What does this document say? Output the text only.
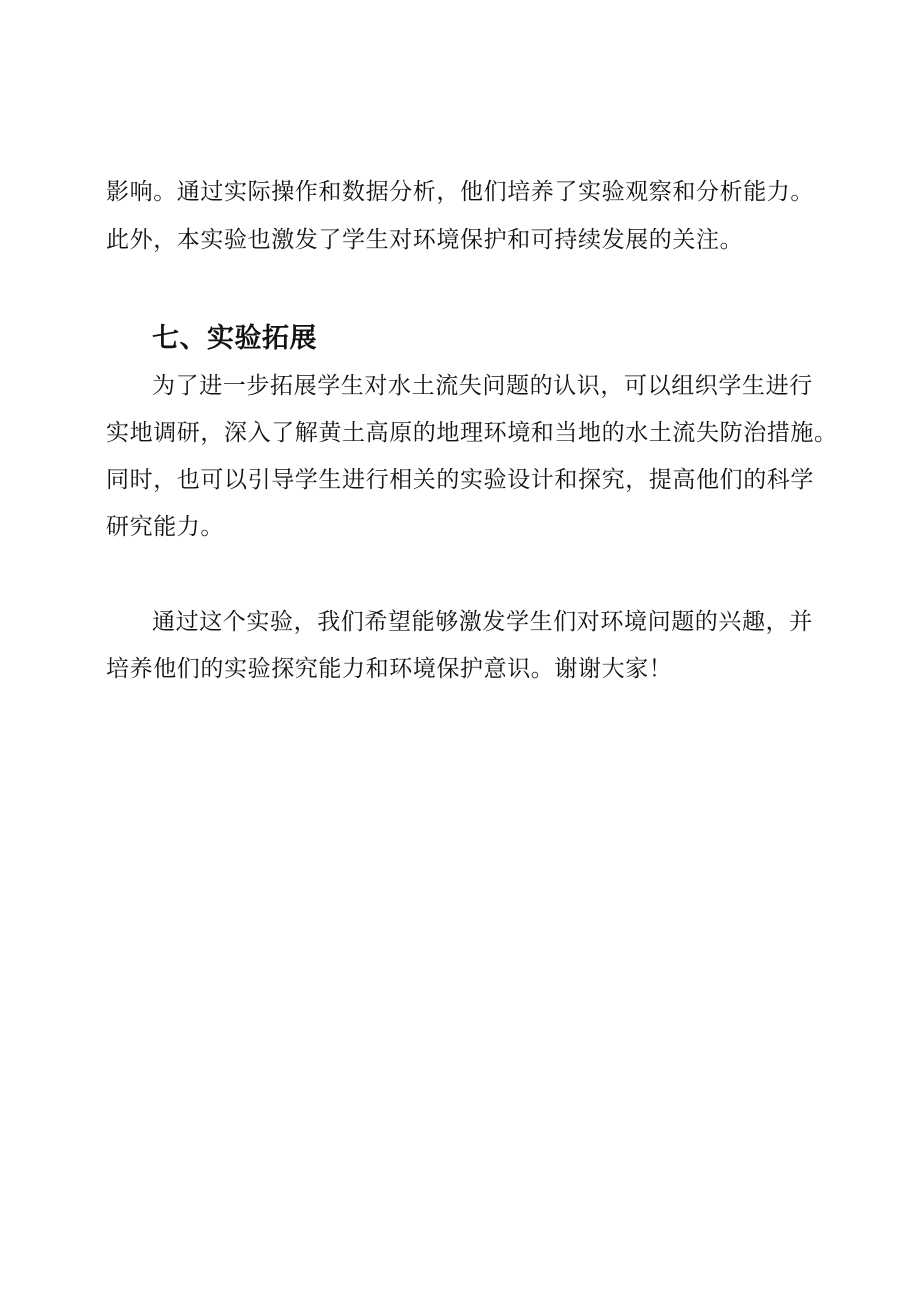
影响。通过实际操作和数据分析，他们培养了实验观察和分析能力。
此外，本实验也激发了学生对环境保护和可持续发展的关注。
七、实验拓展
为了进一步拓展学生对水土流失问题的认识，可以组织学生进行
实地调研，深入了解黄土高原的地理环境和当地的水土流失防治措施。
同时，也可以引导学生进行相关的实验设计和探究，提高他们的科学
研究能力。
通过这个实验，我们希望能够激发学生们对环境问题的兴趣，并
培养他们的实验探究能力和环境保护意识。谢谢大家！
